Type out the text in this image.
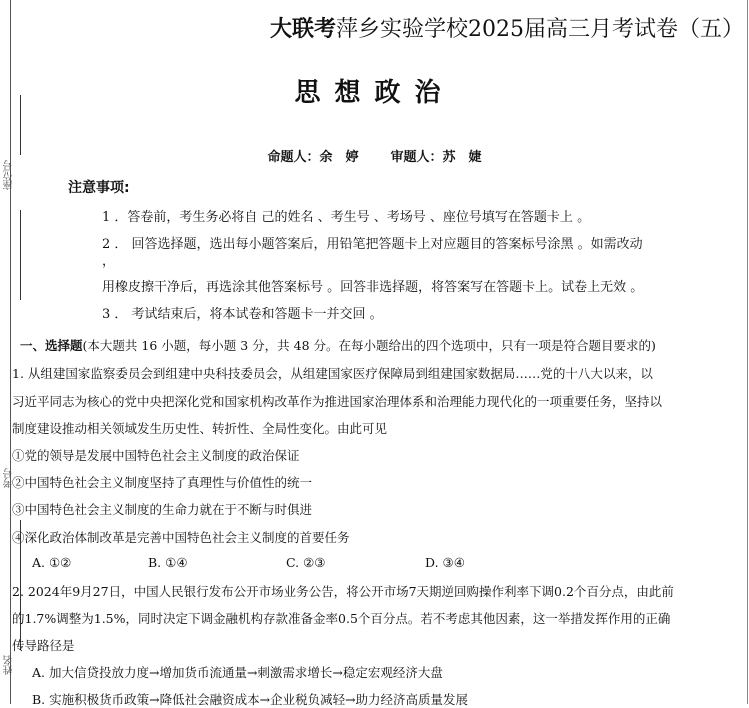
座位号
考号
姓名
大联考萍乡实验学校2025届高三月考试卷（五）
思想政治
命题人：余　婷 审题人：苏　婕
注意事项:
1 ．答卷前，考生务必将自 己的姓名 、考生号 、考场号 、座位号填写在答题卡上 。
2 ． 回答选择题，选出每小题答案后，用铅笔把答题卡上对应题目的答案标号涂黑 。如需改动
，
用橡皮擦干净后，再选涂其他答案标号 。回答非选择题，将答案写在答题卡上。试卷上无效 。
3 ． 考试结束后，将本试卷和答题卡一并交回 。
一、选择题(本大题共 16 小题，每小题 3 分，共 48 分。在每小题给出的四个选项中，只有一项是符合题目要求的)
1. 从组建国家监察委员会到组建中央科技委员会，从组建国家医疗保障局到组建国家数据局……党的十八大以来，以
习近平同志为核心的党中央把深化党和国家机构改革作为推进国家治理体系和治理能力现代化的一项重要任务，坚持以
制度建设推动相关领域发生历史性、转折性、全局性变化。由此可见
①党的领导是发展中国特色社会主义制度的政治保证
②中国特色社会主义制度坚持了真理性与价值性的统一
③中国特色社会主义制度的生命力就在于不断与时俱进
④深化政治体制改革是完善中国特色社会主义制度的首要任务
A. ①②	B. ①④	C. ②③	D. ③④
2. 2024年9月27日，中国人民银行发布公开市场业务公告，将公开市场7天期逆回购操作利率下调0.2个百分点，由此前
的1.7%调整为1.5%，同时决定下调金融机构存款准备金率0.5个百分点。若不考虑其他因素，这一举措发挥作用的正确
传导路径是
A. 加大信贷投放力度→增加货币流通量→刺激需求增长→稳定宏观经济大盘
B. 实施积极货币政策→降低社会融资成本→企业税负减轻→助力经济高质量发展
